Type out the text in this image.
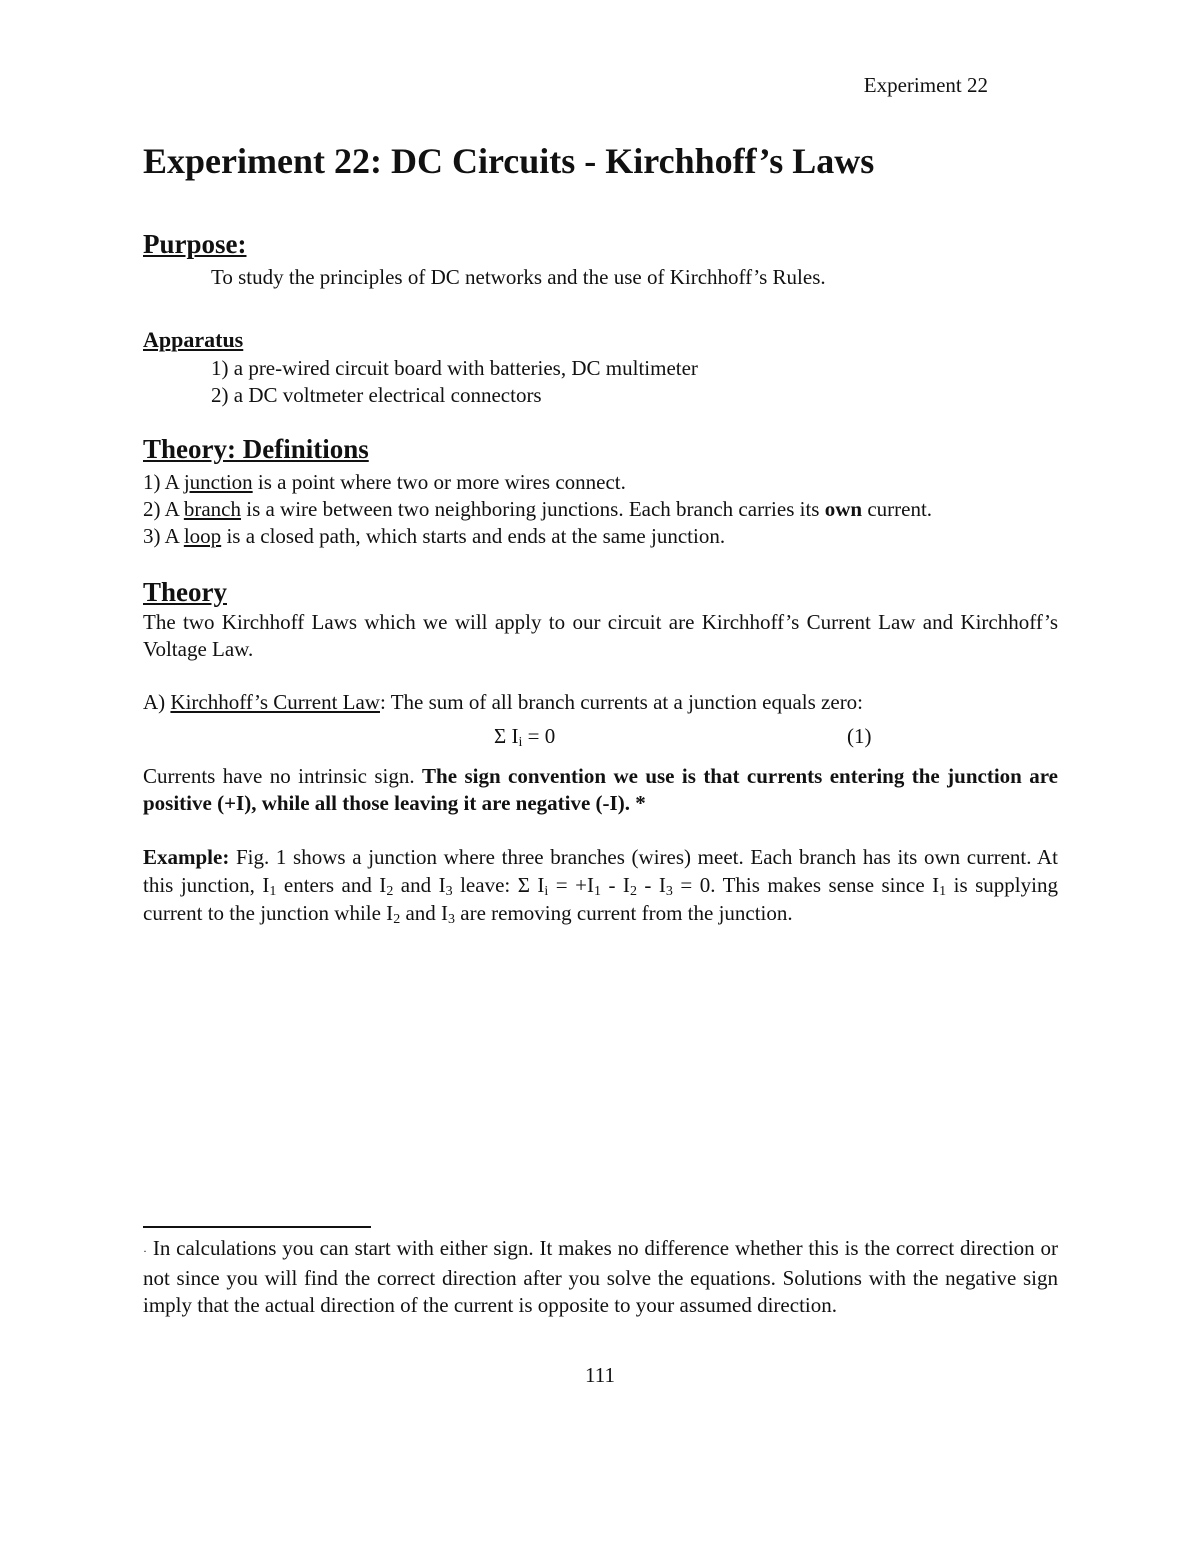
Experiment 22
Experiment 22: DC Circuits - Kirchhoff’s Laws
Purpose:
To study the principles of DC networks and the use of Kirchhoff’s Rules.
Apparatus
1) a pre-wired circuit board with batteries, DC multimeter
2) a DC voltmeter electrical connectors
Theory: Definitions
1) A junction is a point where two or more wires connect.
2) A branch is a wire between two neighboring junctions. Each branch carries its own current.
3) A loop is a closed path, which starts and ends at the same junction.
Theory
The two Kirchhoff Laws which we will apply to our circuit are Kirchhoff’s Current Law and Kirchhoff’s Voltage Law.
A) Kirchhoff’s Current Law: The sum of all branch currents at a junction equals zero:
Σ $I_i = 0$	(1)
Currents have no intrinsic sign. The sign convention we use is that currents entering the junction are positive (+I), while all those leaving it are negative (-I). *
Example: Fig. 1 shows a junction where three branches (wires) meet. Each branch has its own current. At this junction, $I_1$ enters and $I_2$ and $I_3$ leave: Σ $I_i = +I_1 - I_2 - I_3 = 0$. This makes sense since $I_1$ is supplying current to the junction while $I_2$ and $I_3$ are removing current from the junction.
· In calculations you can start with either sign. It makes no difference whether this is the correct direction or not since you will find the correct direction after you solve the equations. Solutions with the negative sign imply that the actual direction of the current is opposite to your assumed direction.
111
